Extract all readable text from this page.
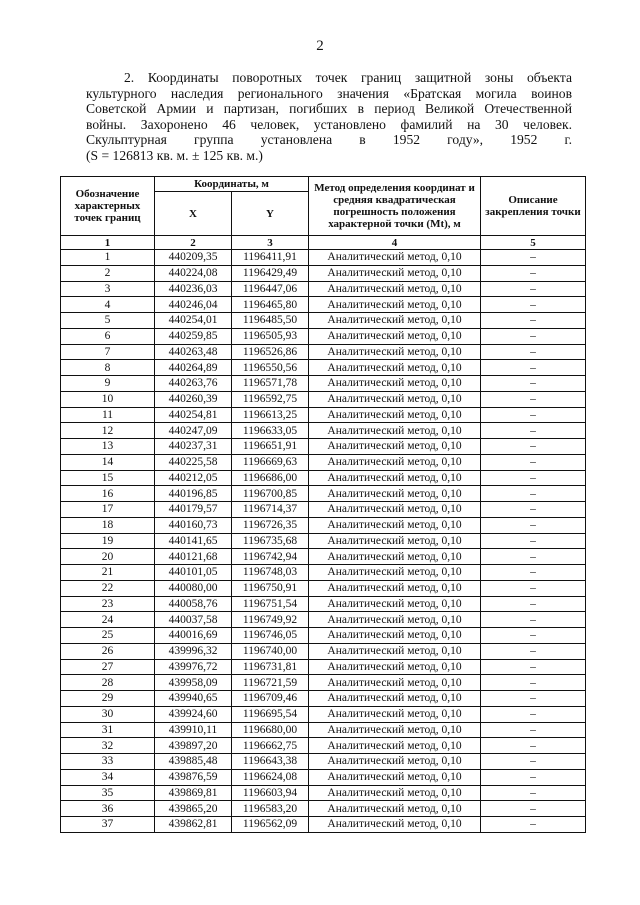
2
2. Координаты поворотных точек границ защитной зоны объекта
культурного наследия регионального значения «Братская могила воинов
Советской Армии и партизан, погибших в период Великой Отечественной
войны. Захоронено 46 человек, установлено фамилий на 30 человек.
Скульптурная группа установлена в 1952 году», 1952 г.
(S = 126813 кв. м. ± 125 кв. м.)
Обозначение характерных точек границ	Координаты, м		Метод определения координат и средняя квадратическая погрешность положения характерной точки (Mt), м	Описание закрепления точки
	X	Y		
1	2	3	4	5
1	440209,35	1196411,91	Аналитический метод, 0,10	–
2	440224,08	1196429,49	Аналитический метод, 0,10	–
3	440236,03	1196447,06	Аналитический метод, 0,10	–
4	440246,04	1196465,80	Аналитический метод, 0,10	–
5	440254,01	1196485,50	Аналитический метод, 0,10	–
6	440259,85	1196505,93	Аналитический метод, 0,10	–
7	440263,48	1196526,86	Аналитический метод, 0,10	–
8	440264,89	1196550,56	Аналитический метод, 0,10	–
9	440263,76	1196571,78	Аналитический метод, 0,10	–
10	440260,39	1196592,75	Аналитический метод, 0,10	–
11	440254,81	1196613,25	Аналитический метод, 0,10	–
12	440247,09	1196633,05	Аналитический метод, 0,10	–
13	440237,31	1196651,91	Аналитический метод, 0,10	–
14	440225,58	1196669,63	Аналитический метод, 0,10	–
15	440212,05	1196686,00	Аналитический метод, 0,10	–
16	440196,85	1196700,85	Аналитический метод, 0,10	–
17	440179,57	1196714,37	Аналитический метод, 0,10	–
18	440160,73	1196726,35	Аналитический метод, 0,10	–
19	440141,65	1196735,68	Аналитический метод, 0,10	–
20	440121,68	1196742,94	Аналитический метод, 0,10	–
21	440101,05	1196748,03	Аналитический метод, 0,10	–
22	440080,00	1196750,91	Аналитический метод, 0,10	–
23	440058,76	1196751,54	Аналитический метод, 0,10	–
24	440037,58	1196749,92	Аналитический метод, 0,10	–
25	440016,69	1196746,05	Аналитический метод, 0,10	–
26	439996,32	1196740,00	Аналитический метод, 0,10	–
27	439976,72	1196731,81	Аналитический метод, 0,10	–
28	439958,09	1196721,59	Аналитический метод, 0,10	–
29	439940,65	1196709,46	Аналитический метод, 0,10	–
30	439924,60	1196695,54	Аналитический метод, 0,10	–
31	439910,11	1196680,00	Аналитический метод, 0,10	–
32	439897,20	1196662,75	Аналитический метод, 0,10	–
33	439885,48	1196643,38	Аналитический метод, 0,10	–
34	439876,59	1196624,08	Аналитический метод, 0,10	–
35	439869,81	1196603,94	Аналитический метод, 0,10	–
36	439865,20	1196583,20	Аналитический метод, 0,10	–
37	439862,81	1196562,09	Аналитический метод, 0,10	–
